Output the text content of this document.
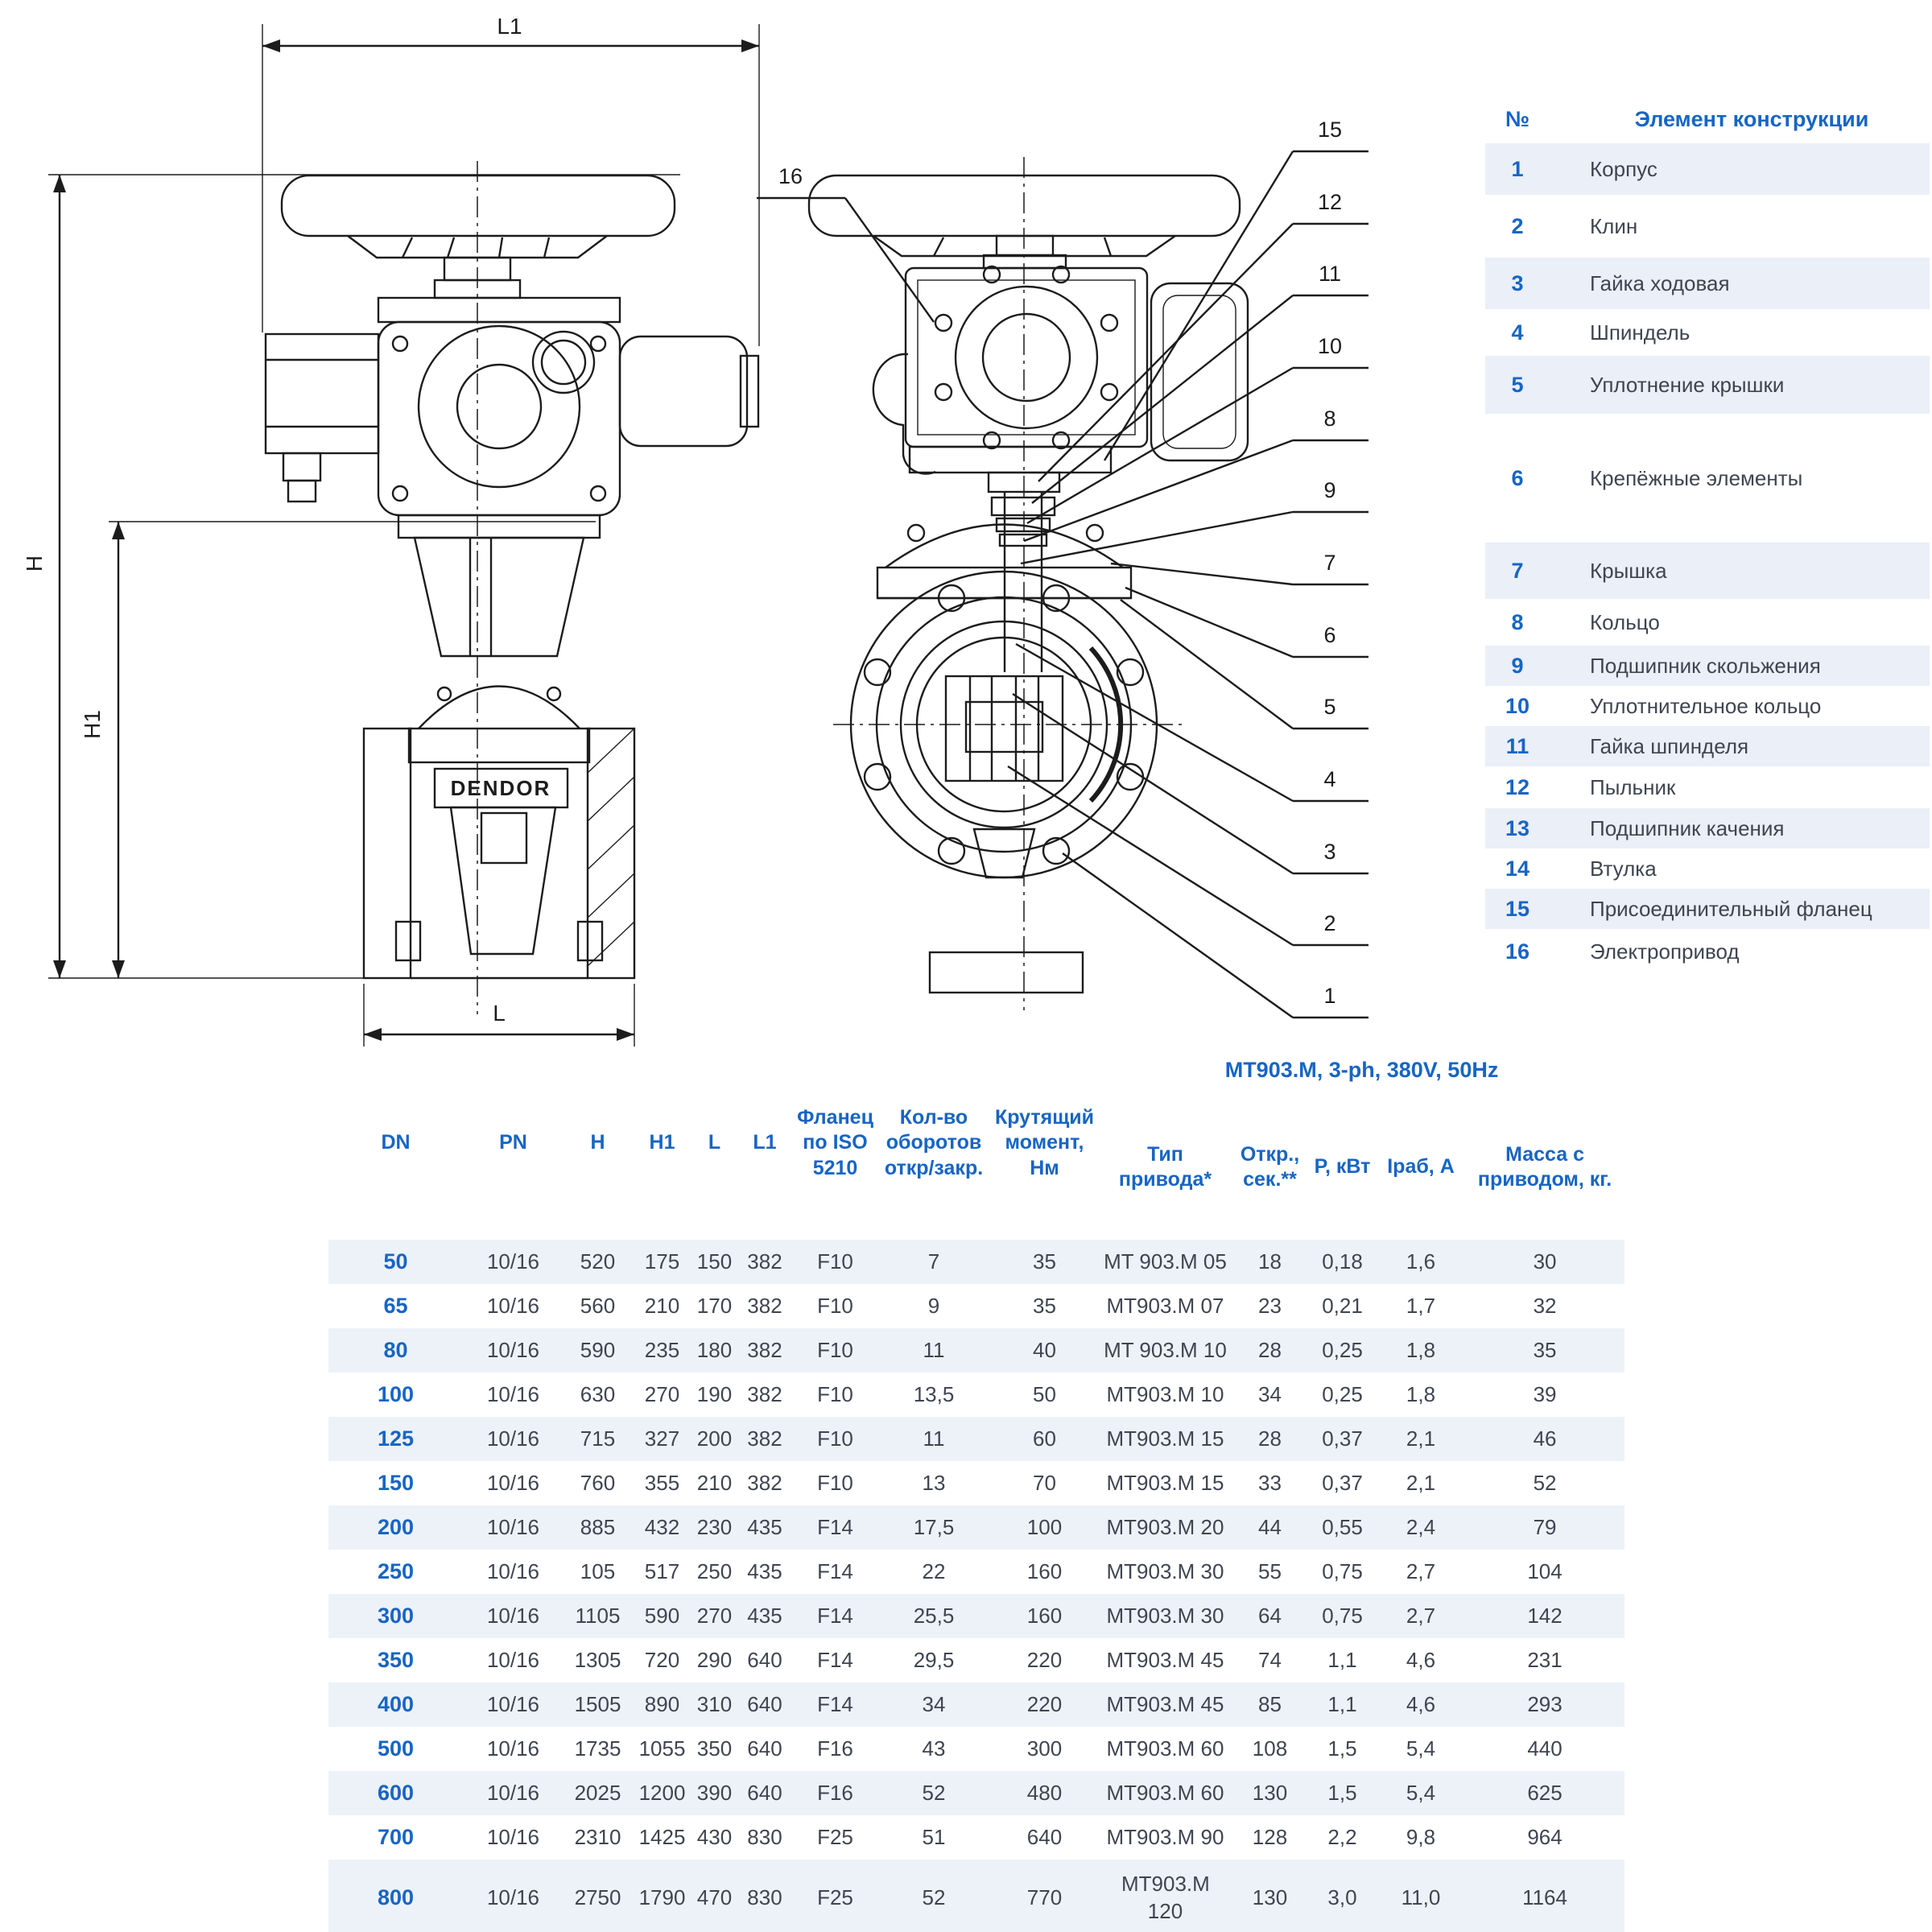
DENDOR
L1
H
H1
L
16
15
12
11
10
8
9
7
6
5
4
3
2
1
№	Элемент конструкции
1	Корпус
2	Клин
3	Гайка ходовая
4	Шпиндель
5	Уплотнение крышки
6	Крепёжные элементы
7	Крышка
8	Кольцо
9	Подшипник скольжения
10	Уплотнительное кольцо
11	Гайка шпинделя
12	Пыльник
13	Подшипник качения
14	Втулка
15	Присоединительный фланец
16	Электропривод
DN	PN	H	H1	L	L1	Фланец по ISO 5210	Кол-во оборотов откр/закр.	Крутящий момент, Нм	MT903.M, 3-ph, 380V, 50Hz				
									Тип привода*	Откр., сек.**	P, кВт	Iраб, A	Масса с приводом, кг.
50	10/16	520	175	150	382	F10	7	35	MT 903.M 05	18	0,18	1,6	30
65	10/16	560	210	170	382	F10	9	35	MT903.M 07	23	0,21	1,7	32
80	10/16	590	235	180	382	F10	11	40	MT 903.M 10	28	0,25	1,8	35
100	10/16	630	270	190	382	F10	13,5	50	MT903.M 10	34	0,25	1,8	39
125	10/16	715	327	200	382	F10	11	60	MT903.M 15	28	0,37	2,1	46
150	10/16	760	355	210	382	F10	13	70	MT903.M 15	33	0,37	2,1	52
200	10/16	885	432	230	435	F14	17,5	100	MT903.M 20	44	0,55	2,4	79
250	10/16	105	517	250	435	F14	22	160	MT903.M 30	55	0,75	2,7	104
300	10/16	1105	590	270	435	F14	25,5	160	MT903.M 30	64	0,75	2,7	142
350	10/16	1305	720	290	640	F14	29,5	220	MT903.M 45	74	1,1	4,6	231
400	10/16	1505	890	310	640	F14	34	220	MT903.M 45	85	1,1	4,6	293
500	10/16	1735	1055	350	640	F16	43	300	MT903.M 60	108	1,5	5,4	440
600	10/16	2025	1200	390	640	F16	52	480	MT903.M 60	130	1,5	5,4	625
700	10/16	2310	1425	430	830	F25	51	640	MT903.M 90	128	2,2	9,8	964
800	10/16	2750	1790	470	830	F25	52	770	MT903.M 120	130	3,0	11,0	1164
